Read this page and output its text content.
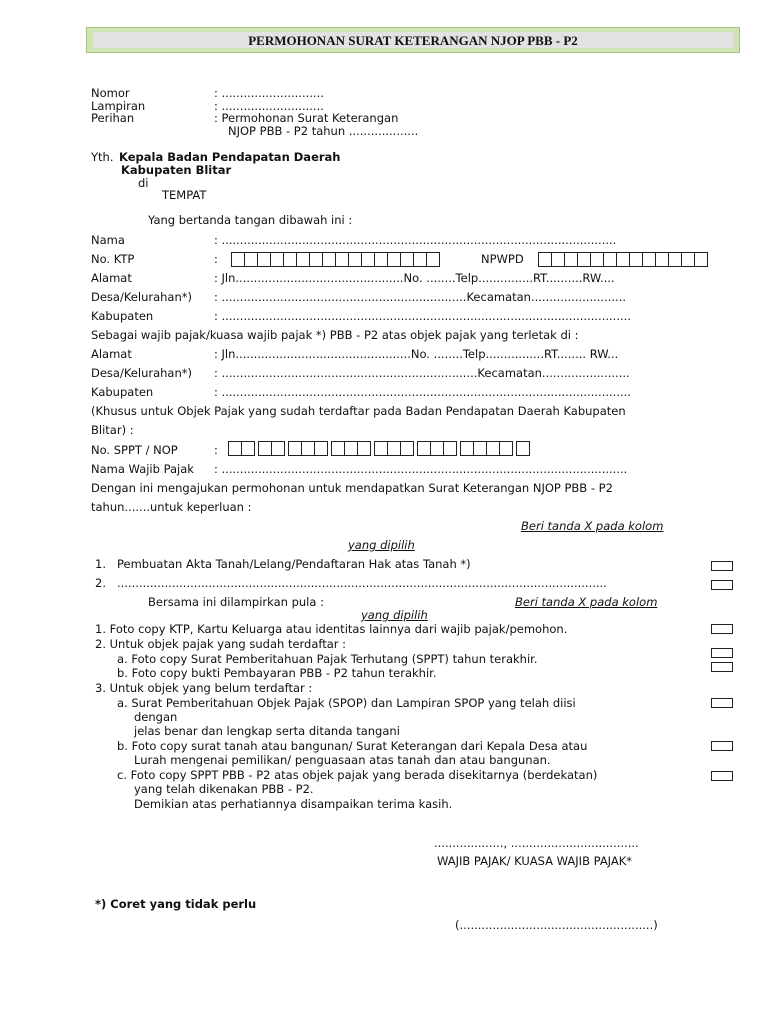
PERMOHONAN SURAT KETERANGAN NJOP PBB - P2
Nomor	: ............................
Lampiran	: ............................
Perihan	: Permohonan Surat Keterangan
NJOP PBB - P2 tahun ...................
Yth. Kepala Badan Pendapatan Daerah
Kabupaten Blitar
di
TEMPAT
Yang bertanda tangan dibawah ini :
Nama	: ............................................................................................................
No. KTP	:	NPWPD
Alamat	: Jln..............................................No. ........Telp...............RT..........RW....
Desa/Kelurahan*) : ...................................................................Kecamatan..........................
Kabupaten	: ................................................................................................................
Sebagai wajib pajak/kuasa wajib pajak *) PBB - P2 atas objek pajak yang terletak di :
Alamat	: Jln................................................No. ........Telp................RT........ RW...
Desa/Kelurahan*) : ......................................................................Kecamatan........................
Kabupaten	: ................................................................................................................
(Khusus untuk Objek Pajak yang sudah terdaftar pada Badan Pendapatan Daerah Kabupaten
Blitar) :
No. SPPT / NOP	:
Nama Wajib Pajak : ...............................................................................................................
Dengan ini mengajukan permohonan untuk mendapatkan Surat Keterangan NJOP PBB - P2
tahun.......untuk keperluan :
Beri tanda X pada kolom
yang dipilih
1. Pembuatan Akta Tanah/Lelang/Pendaftaran Hak atas Tanah *)
2. ......................................................................................................................................
Bersama ini dilampirkan pula :	Beri tanda X pada kolom
yang dipilih
1. Foto copy KTP, Kartu Keluarga atau identitas lainnya dari wajib pajak/pemohon.
2. Untuk objek pajak yang sudah terdaftar :
a. Foto copy Surat Pemberitahuan Pajak Terhutang (SPPT) tahun terakhir.
b. Foto copy bukti Pembayaran PBB - P2 tahun terakhir.
3. Untuk objek yang belum terdaftar :
a. Surat Pemberitahuan Objek Pajak (SPOP) dan Lampiran SPOP yang telah diisi
dengan
jelas benar dan lengkap serta ditanda tangani
b. Foto copy surat tanah atau bangunan/ Surat Keterangan dari Kepala Desa atau
Lurah mengenai pemilikan/ penguasaan atas tanah dan atau bangunan.
c. Foto copy SPPT PBB - P2 atas objek pajak yang berada disekitarnya (berdekatan)
yang telah dikenakan PBB - P2.
Demikian atas perhatiannya disampaikan terima kasih.
..................., ...................................
WAJIB PAJAK/ KUASA WAJIB PAJAK*
*) Coret yang tidak perlu
(.....................................................)
